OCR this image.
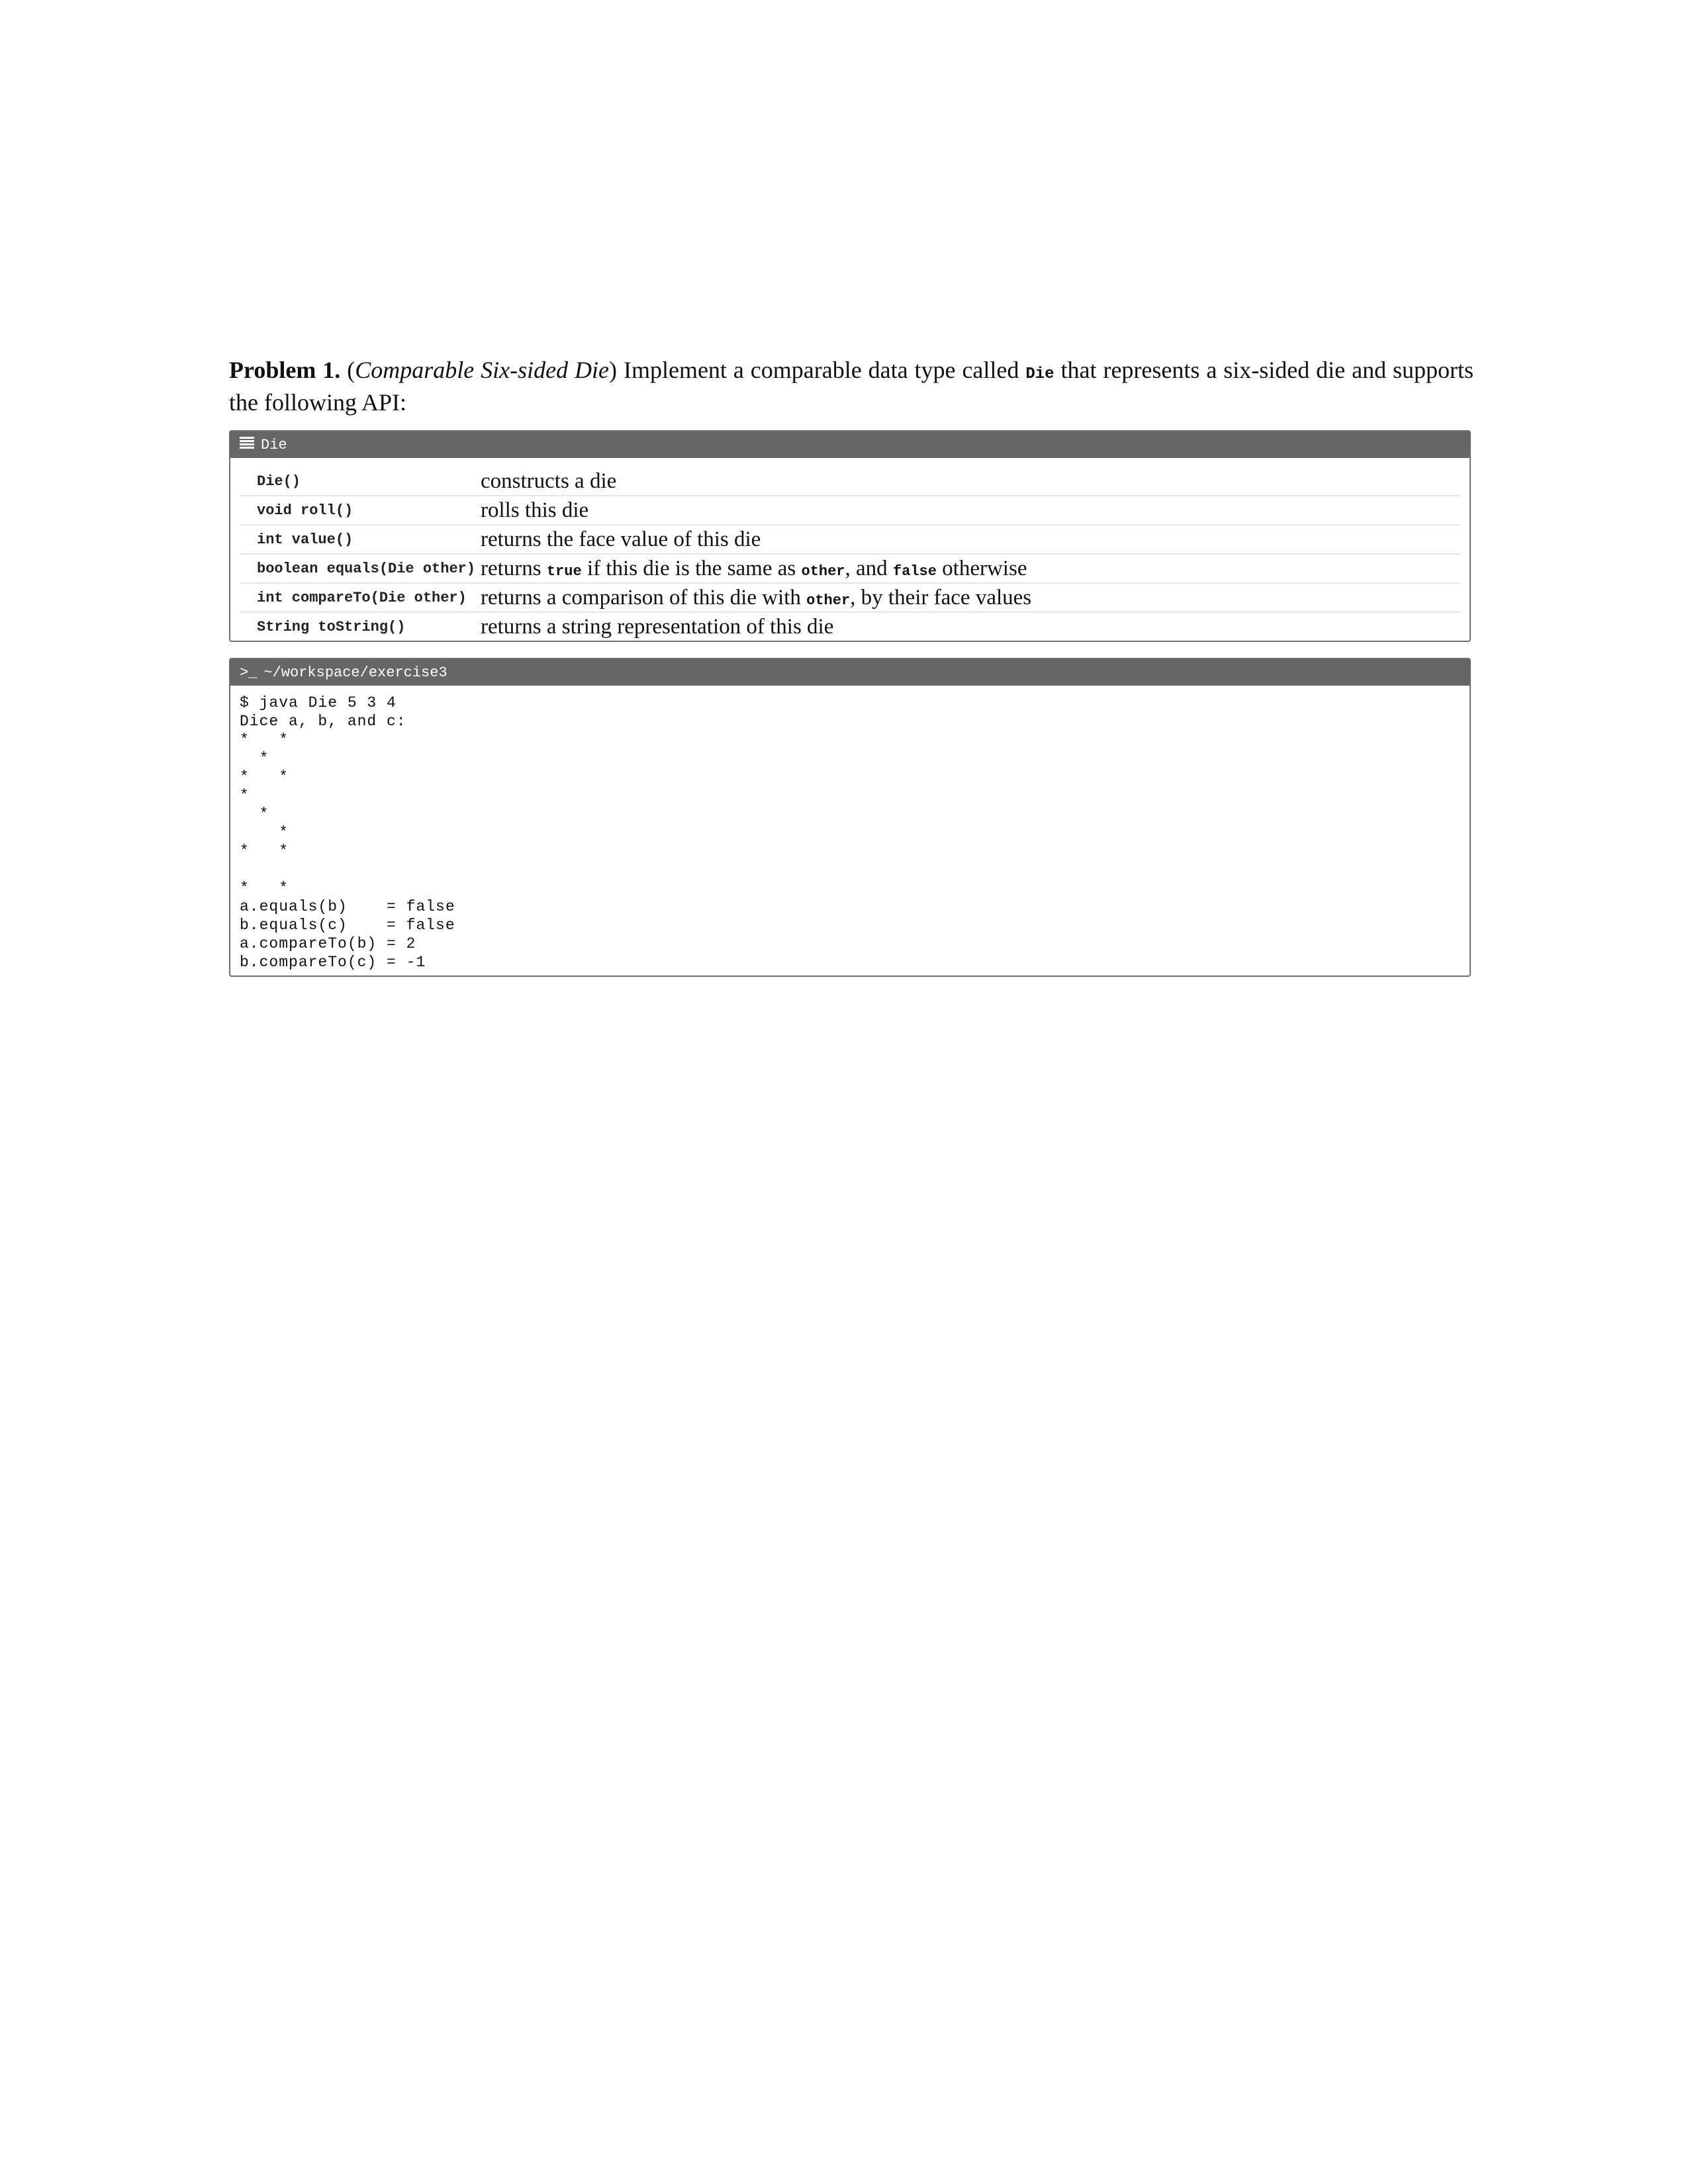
Problem 1. (Comparable Six-sided Die) Implement a comparable data type called Die that represents a six-sided die and supports the following API:
Die
Die()	constructs a die
void roll()	rolls this die
int value()	returns the face value of this die
boolean equals(Die other) returns true if this die is the same as other, and false otherwise
int compareTo(Die other) returns a comparison of this die with other, by their face values
String toString()	returns a string representation of this die
>_ ~/workspace/exercise3
$ java Die 5 3 4
Dice a, b, and c:
*   *
*
*   *
*
*
*
*   *

*   *
a.equals(b)    = false
b.equals(c)    = false
a.compareTo(b) = 2
b.compareTo(c) = -1
